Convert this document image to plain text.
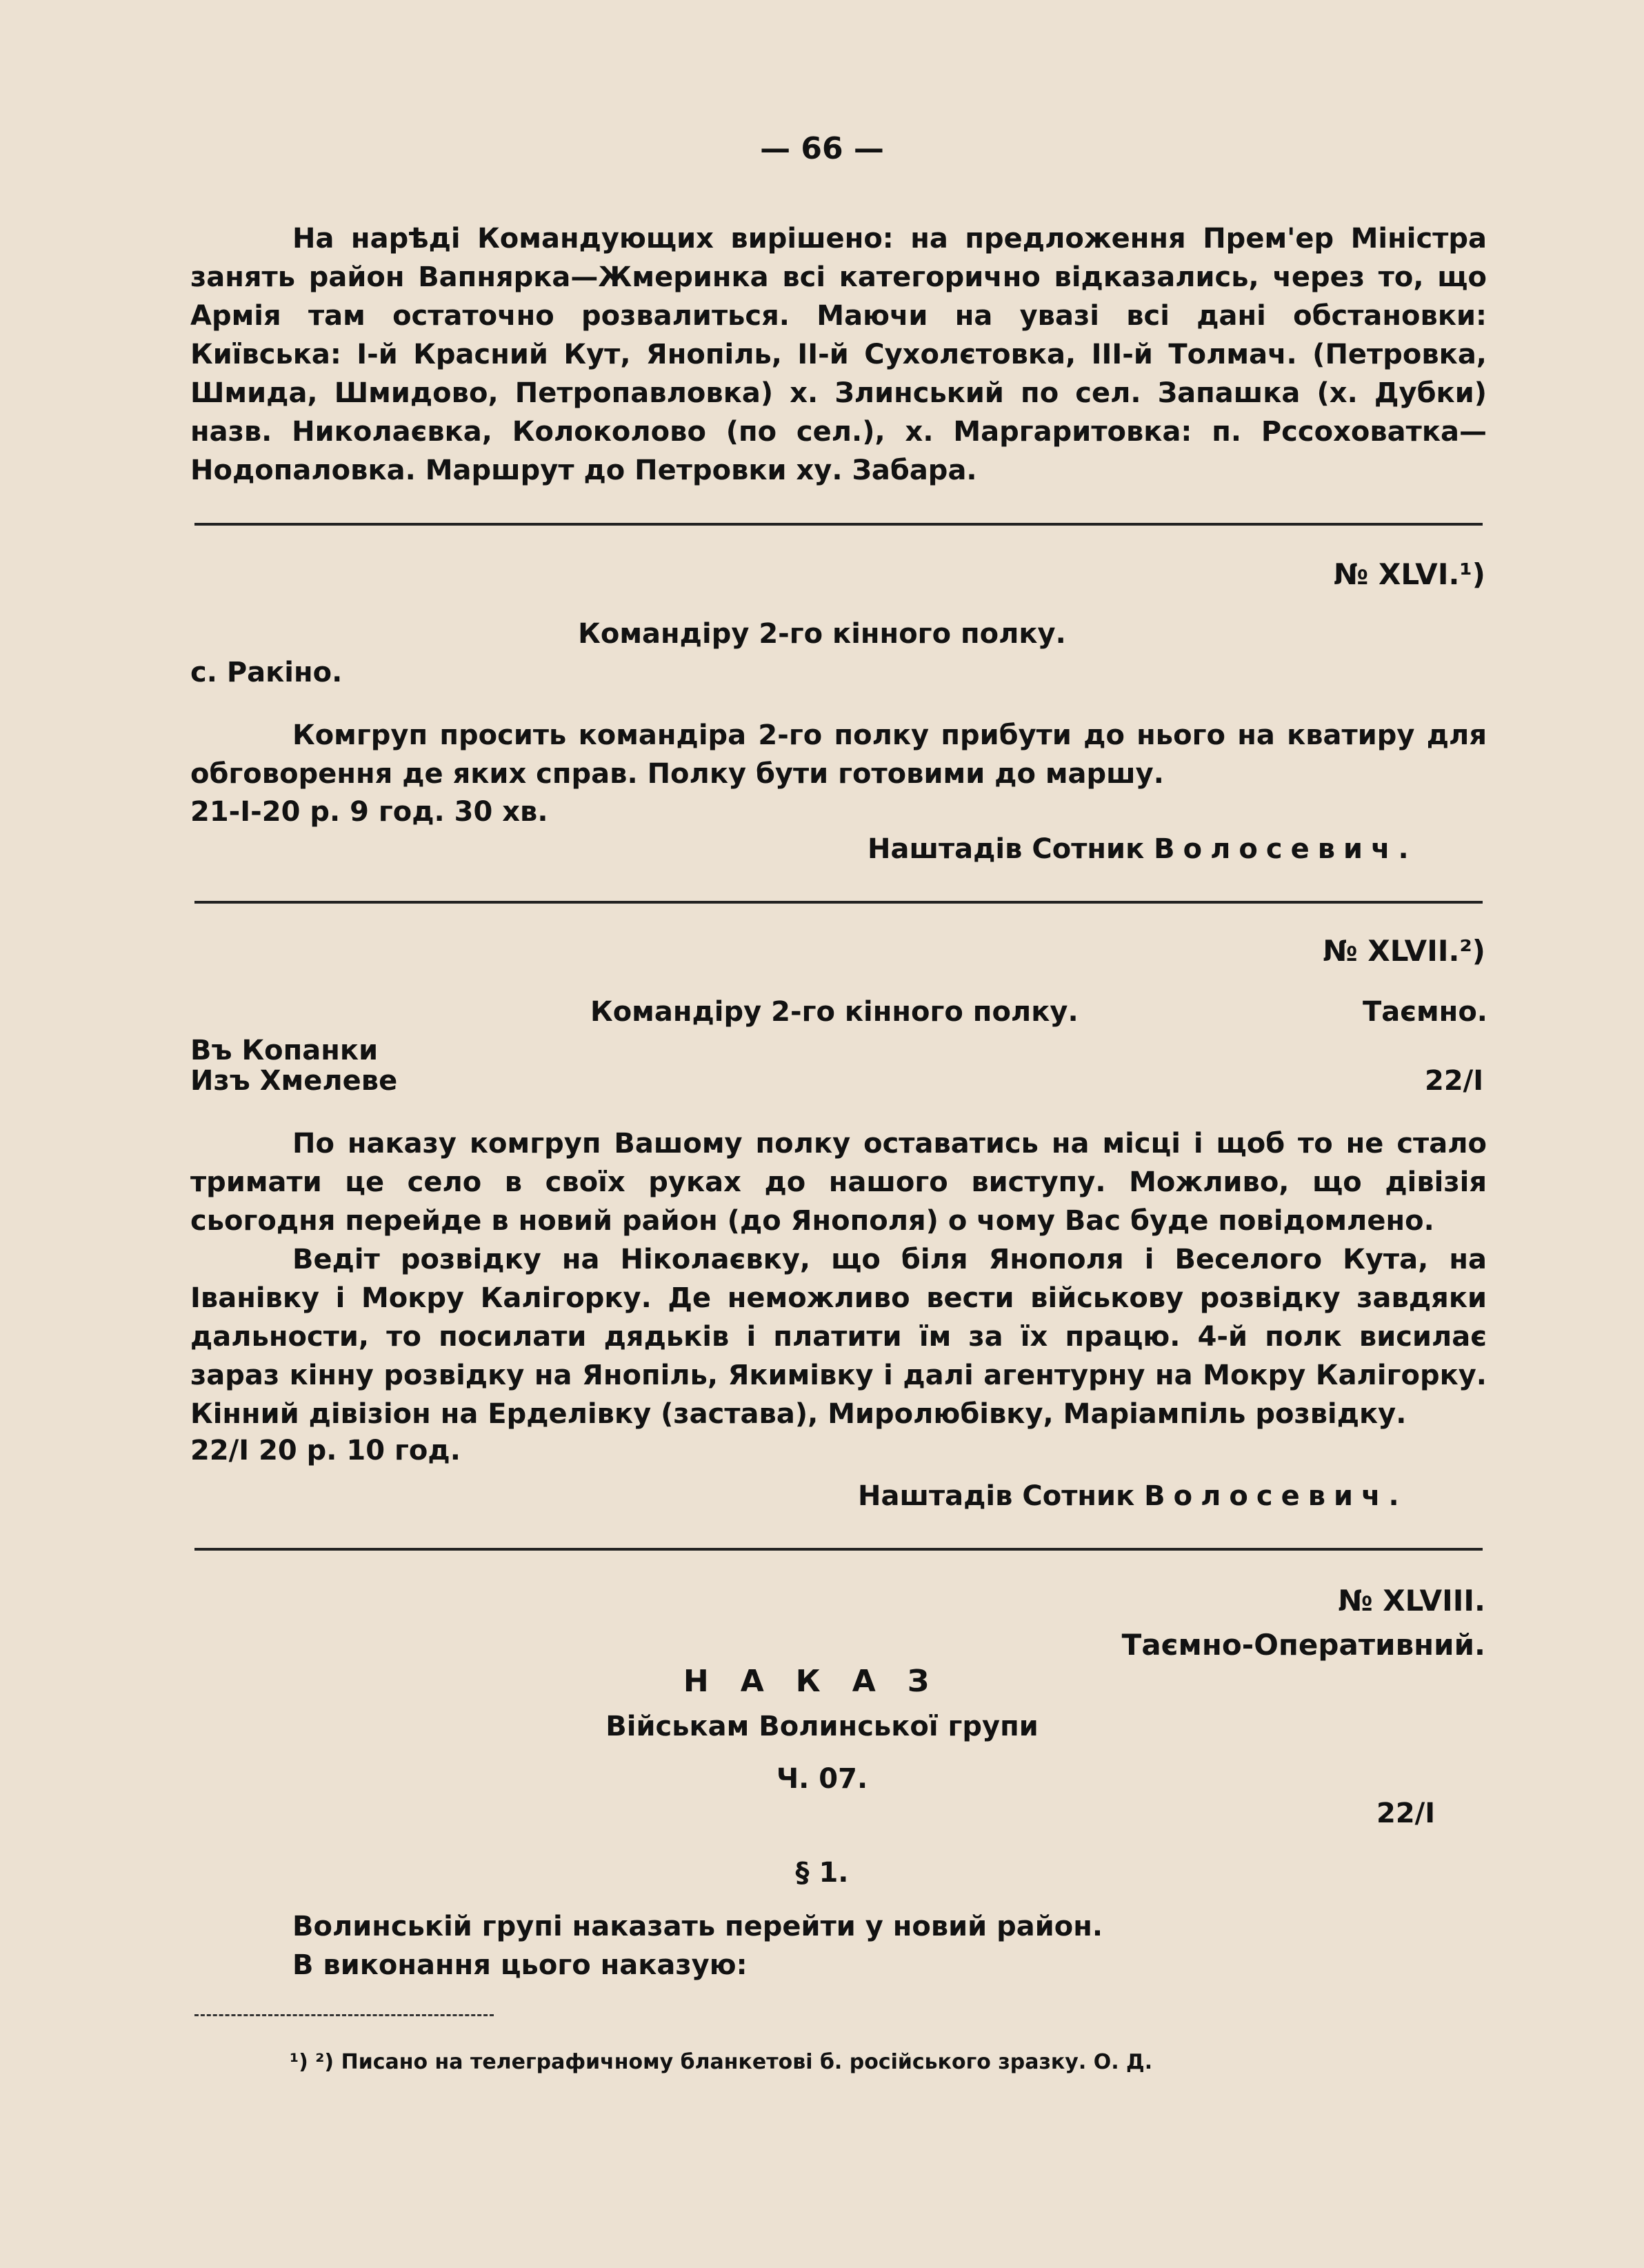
— 66 —
На нарѣді Командующих вирішено: на предложення Прем'ер Міністра занять район Вапнярка—Жмеринка всі категорично відказались, через то, що Армія там остаточно розвалиться. Маючи на увазі всі дані обстановки: Київська: І-й Красний Кут, Янопіль, ІІ-й Сухолєтовка, ІІІ-й Толмач. (Петровка, Шмида, Шмидово, Петропавловка) х. Злинський по сел. Запашка (х. Дубки) назв. Николаєвка, Колоколово (по сел.), х. Маргаритовка: п. Рссоховатка—Нодопаловка. Маршрут до Петровки ху. Забара.
№ XLVI.¹)
Командіру 2-го кінного полку.
с. Ракіно.
Комгруп просить командіра 2-го полку прибути до нього на кватиру для обговорення де яких справ. Полку бути готовими до маршу.
21-І-20 р. 9 год. 30 хв.
Наштадів Сотник Волосевич.
№ XLVII.²)
Командіру 2-го кінного полку.	Таємно.
Въ Копанки
Изъ Хмелеве	22/І
По наказу комгруп Вашому полку оставатись на місці і щоб то не стало тримати це село в своїх руках до нашого виступу. Можливо, що дівізія сьогодня перейде в новий район (до Янополя) о чому Вас буде повідомлено.
Ведіт розвідку на Ніколаєвку, що біля Янополя і Веселого Кута, на Іванівку і Мокру Калігорку. Де неможливо вести військову розвідку завдяки дальности, то посилати дядьків і платити їм за їх працю. 4-й полк висилає зараз кінну розвідку на Янопіль, Якимівку і далі агентурну на Мокру Калігорку. Кінний дівізіон на Ерделівку (застава), Миролюбівку, Маріампіль розвідку.
22/І 20 р. 10 год.
Наштадів Сотник Волосевич.
№ XLVIII.
Таємно-Оперативний.
НАКАЗ
Військам Волинської групи
Ч. 07.
22/І
§ 1.
Волинській групі наказать перейти у новий район.
В виконання цього наказую:
¹) ²) Писано на телеграфичному бланкетові б. російського зразку. О. Д.
